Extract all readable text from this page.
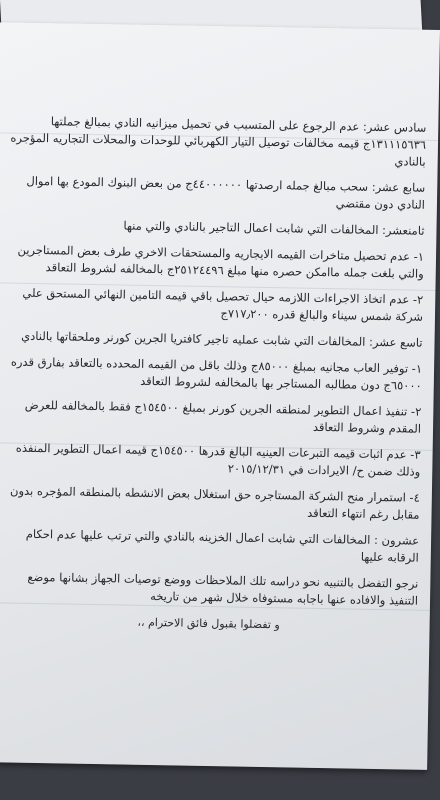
سادس عشر: عدم الرجوع على المتسبب في تحميل ميزانيه النادي بمبالغ جملتها ١٣١١١٥٦٣٦ج قيمه مخالفات توصيل التيار الكهربائي للوحدات والمحلات التجاريه المؤجره بالنادي

سابع عشر: سحب مبالغ جمله ارصدتها ٤٤٠٠٠٠٠٠ج من بعض البنوك المودع بها اموال النادي دون مقتضي

ثامنعشر: المخالفات التي شابت اعمال التاجير بالنادي والتي منها

١- عدم تحصيل متاخرات القيمه الايجاريه والمستحقات الاخري طرف بعض المستاجرين والتي بلغت جمله ماامكن حصره منها مبلغ ٢٥١٢٤٤٩٦ج بالمخالفه لشروط التعاقد

٢- عدم اتخاذ الاجراءات اللازمه حيال تحصيل باقي قيمه التامين النهائي المستحق علي شركة شمس سيناء والبالغ قدره ٧١٧٫٢٠٠ج

تاسع عشر: المخالفات التي شابت عمليه تاجير كافتريا الجرين كورنر وملحقاتها بالنادي

١- توفير العاب مجانيه بمبلغ ٨٥٠٠٠ج وذلك باقل من القيمه المحدده بالتعاقد بفارق قدره ٦٥٠٠٠ج دون مطالبه المستاجر بها بالمخالفه لشروط التعاقد

٢- تنفيذ اعمال التطوير لمنطقه الجرين كورنر بمبلغ ١٥٤٥٠٠ج فقط بالمخالفه للعرض المقدم وشروط التعاقد

٣- عدم اثبات قيمه التبرعات العينيه البالغ قدرها ١٥٤٥٠٠ج قيمه اعمال التطوير المنفذه وذلك ضمن ح/ الايرادات في ٢٠١٥/١٢/٣١

٤- استمرار منح الشركة المستاجره حق استغلال بعض الانشطه بالمنطقه المؤجره بدون مقابل رغم انتهاء التعاقد

عشرون : المخالفات التي شابت اعمال الخزينه بالنادي والتي ترتب عليها عدم احكام الرقابه عليها

نرجو التفضل بالتنبيه نحو دراسه تلك الملاحظات ووضع توصيات الجهاز بشانها موضع التنفيذ والافاده عنها باجابه مستوفاه خلال شهر من تاريخه

و تفضلوا بقبول فائق الاحترام ،،
